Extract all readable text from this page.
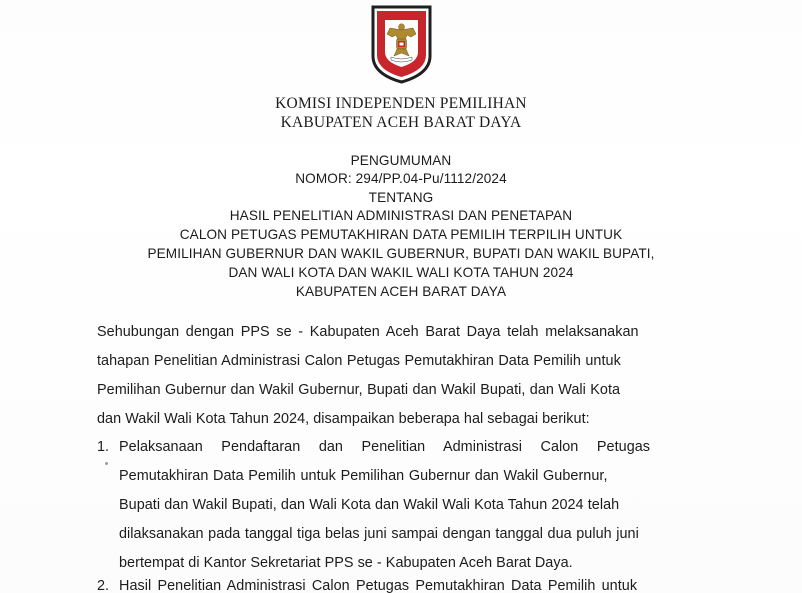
KOMISI INDEPENDEN PEMILIHAN
KABUPATEN ACEH BARAT DAYA
PENGUMUMAN
NOMOR: 294/PP.04-Pu/1112/2024
TENTANG
HASIL PENELITIAN ADMINISTRASI DAN PENETAPAN
CALON PETUGAS PEMUTAKHIRAN DATA PEMILIH TERPILIH UNTUK
PEMILIHAN GUBERNUR DAN WAKIL GUBERNUR, BUPATI DAN WAKIL BUPATI,
DAN WALI KOTA DAN WAKIL WALI KOTA TAHUN 2024
KABUPATEN ACEH BARAT DAYA
Sehubungan dengan PPS se - Kabupaten Aceh Barat Daya telah melaksanakan
tahapan Penelitian Administrasi Calon Petugas Pemutakhiran Data Pemilih untuk
Pemilihan Gubernur dan Wakil Gubernur, Bupati dan Wakil Bupati, dan Wali Kota
dan Wakil Wali Kota Tahun 2024, disampaikan beberapa hal sebagai berikut:
1. Pelaksanaan Pendaftaran dan Penelitian Administrasi Calon Petugas
Pemutakhiran Data Pemilih untuk Pemilihan Gubernur dan Wakil Gubernur,
Bupati dan Wakil Bupati, dan Wali Kota dan Wakil Wali Kota Tahun 2024 telah
dilaksanakan pada tanggal tiga belas juni sampai dengan tanggal dua puluh juni
bertempat di Kantor Sekretariat PPS se - Kabupaten Aceh Barat Daya.
2. Hasil Penelitian Administrasi Calon Petugas Pemutakhiran Data Pemilih untuk
